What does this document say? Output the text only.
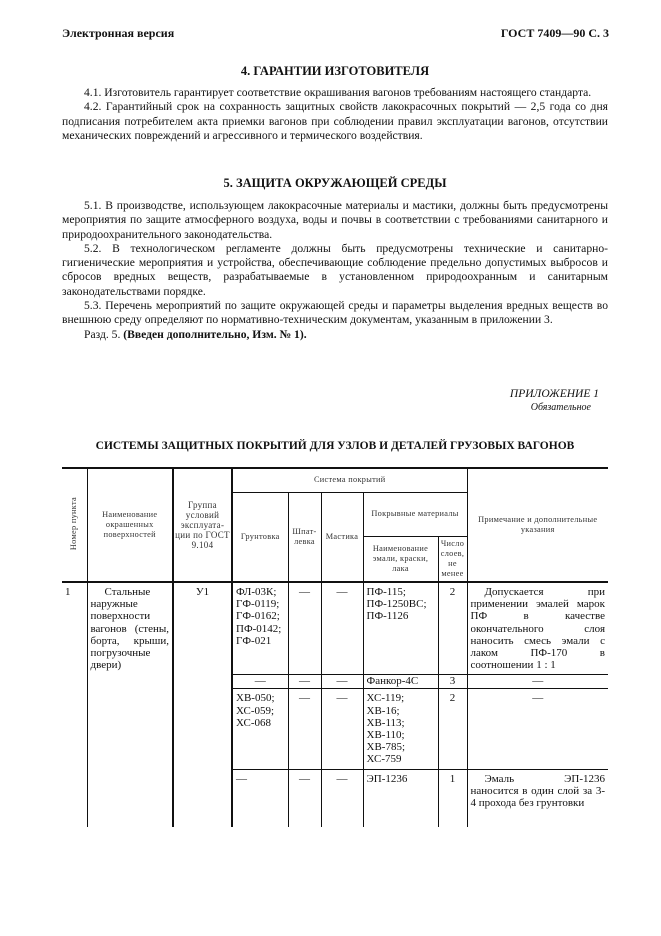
Электронная версия	ГОСТ 7409—90 С. 3
4. ГАРАНТИИ ИЗГОТОВИТЕЛЯ

4.1. Изготовитель гарантирует соответствие окрашивания вагонов требованиям настоящего стандарта.

4.2. Гарантийный срок на сохранность защитных свойств лакокрасочных покрытий — 2,5 года со дня подписания потребителем акта приемки вагонов при соблюдении правил эксплуатации вагонов, отсутствии механических повреждений и агрессивного и термического воздействия.

5. ЗАЩИТА ОКРУЖАЮЩЕЙ СРЕДЫ

5.1. В производстве, использующем лакокрасочные материалы и мастики, должны быть предусмотрены мероприятия по защите атмосферного воздуха, воды и почвы в соответствии с требованиями санитарного и природоохранительного законодательства.

5.2. В технологическом регламенте должны быть предусмотрены технические и санитарно-гигиенические мероприятия и устройства, обеспечивающие соблюдение предельно допустимых выбросов и сбросов вредных веществ, разрабатываемые в установленном природоохранным и санитарным законодательствами порядке.

5.3. Перечень мероприятий по защите окружающей среды и параметры выделения вредных веществ во внешнюю среду определяют по нормативно-техническим документам, указанным в приложении 3.

Разд. 5. (Введен дополнительно, Изм. № 1).

ПРИЛОЖЕНИЕ 1
Обязательное
СИСТЕМЫ ЗАЩИТНЫХ ПОКРЫТИЙ ДЛЯ УЗЛОВ И ДЕТАЛЕЙ ГРУЗОВЫХ ВАГОНОВ
Номер пункта	Наименование окрашенных поверхностей	Группа условий эксплуата-ции по ГОСТ 9.104	Система покрытий					Примечание и дополнительные указания
			Грунтовка	Шпат-левка	Мастика	Покрывные материалы		
						Наименование эмали, краски, лака	Число слоев, не менее	
1	Стальные наружные поверхности вагонов (стены, борта, крыши, погрузочные двери)	У1	ФЛ-03К; ГФ-0119; ГФ-0162; ПФ-0142; ГФ-021	—	—	ПФ-115; ПФ-1250ВС; ПФ-1126	2	Допускается при применении эмалей марок ПФ в качестве окончательного слоя наносить смесь эмали с лаком ПФ-170 в соотношении 1 : 1
			—	—	—	Фанкор-4С	3	—
			ХВ-050; ХС-059; ХС-068	—	—	ХС-119; ХВ-16; ХВ-113; ХВ-110; ХВ-785; ХС-759	2	—
			—	—	—	ЭП-1236	1	Эмаль ЭП-1236 наносится в один слой за 3-4 прохода без грунтовки
